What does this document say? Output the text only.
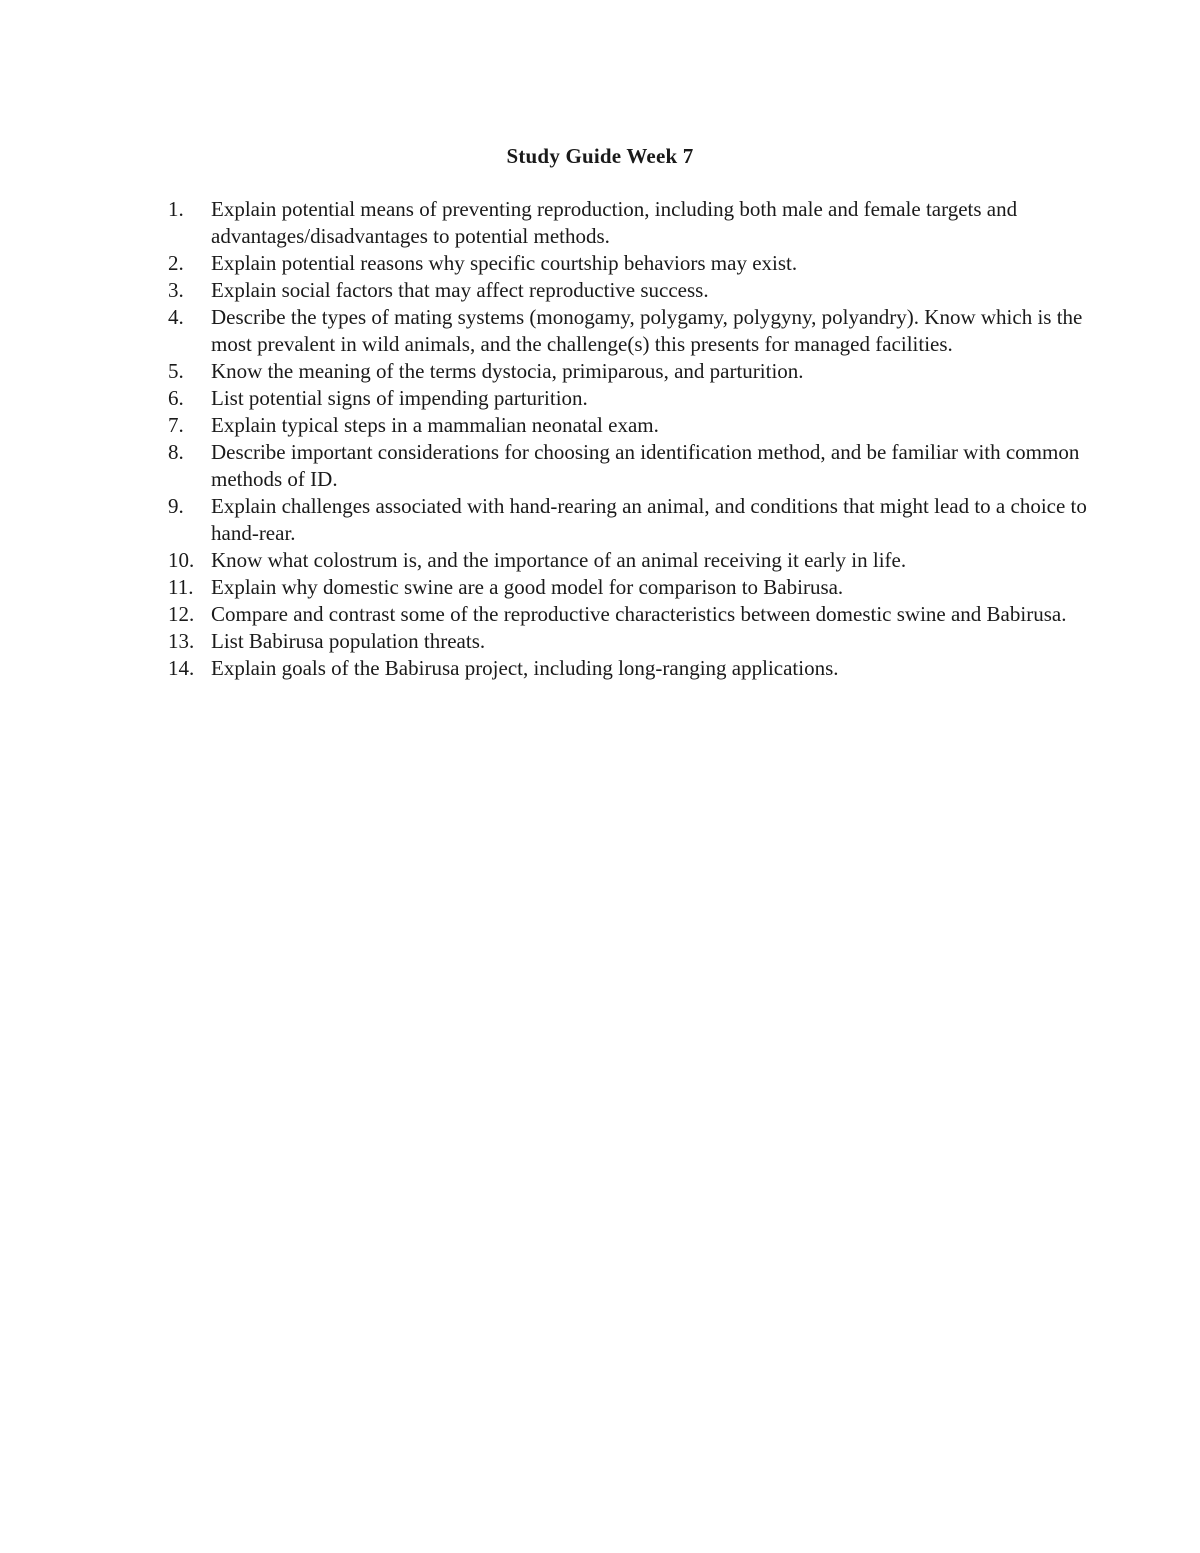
Study Guide Week 7
1.	Explain potential means of preventing reproduction, including both male and female targets and advantages/disadvantages to potential methods.
2.	Explain potential reasons why specific courtship behaviors may exist.
3.	Explain social factors that may affect reproductive success.
4.	Describe the types of mating systems (monogamy, polygamy, polygyny, polyandry). Know which is the most prevalent in wild animals, and the challenge(s) this presents for managed facilities.
5.	Know the meaning of the terms dystocia, primiparous, and parturition.
6.	List potential signs of impending parturition.
7.	Explain typical steps in a mammalian neonatal exam.
8.	Describe important considerations for choosing an identification method, and be familiar with common methods of ID.
9.	Explain challenges associated with hand-rearing an animal, and conditions that might lead to a choice to hand-rear.
10. Know what colostrum is, and the importance of an animal receiving it early in life.
11. Explain why domestic swine are a good model for comparison to Babirusa.
12. Compare and contrast some of the reproductive characteristics between domestic swine and Babirusa.
13. List Babirusa population threats.
14. Explain goals of the Babirusa project, including long-ranging applications.
